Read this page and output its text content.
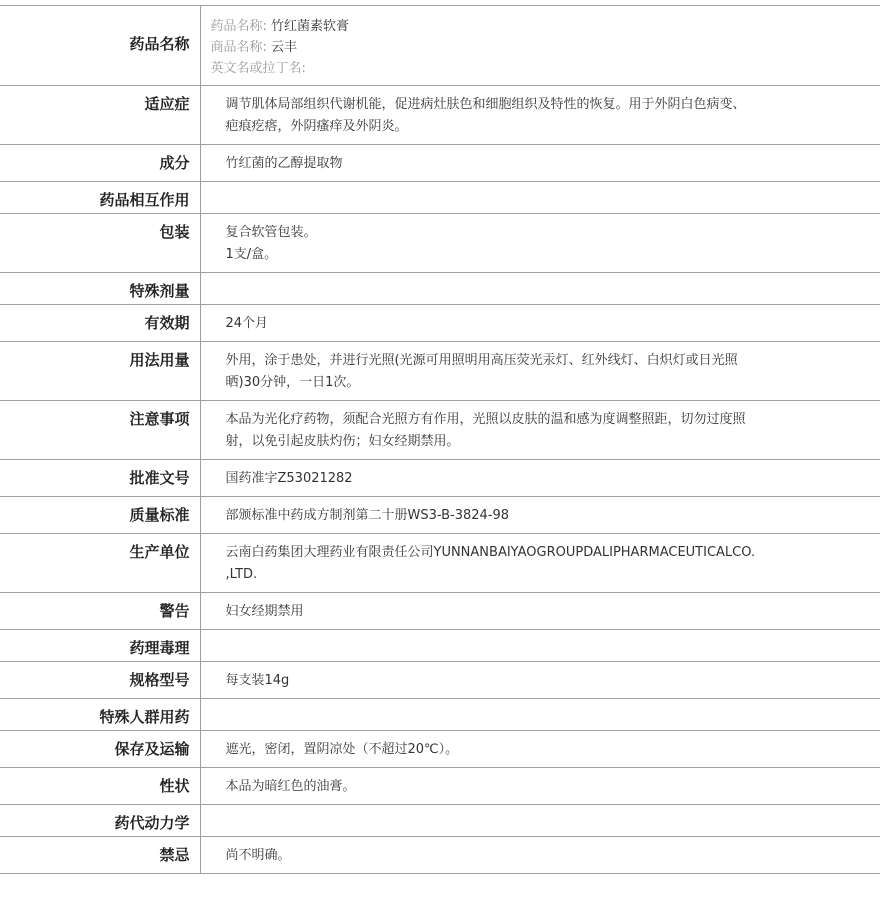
药品名称	药品名称: 竹红菌素软膏
商品名称: 云丰
英文名或拉丁名:

适应症	调节肌体局部组织代谢机能，促进病灶肤色和细胞组织及特性的恢复。用于外阴白色病变、
疤痕疙瘩，外阴瘙痒及外阴炎。

成分	竹红菌的乙醇提取物

药品相互作用	

包装	复合软管包装。
1支/盒。

特殊剂量	

有效期	24个月

用法用量	外用，涂于患处，并进行光照(光源可用照明用高压荧光汞灯、红外线灯、白炽灯或日光照
晒)30分钟，一日1次。

注意事项	本品为光化疗药物，须配合光照方有作用，光照以皮肤的温和感为度调整照距，切勿过度照
射，以免引起皮肤灼伤；妇女经期禁用。

批准文号	国药准字Z53021282

质量标准	部颁标准中药成方制剂第二十册WS3-B-3824-98

生产单位	云南白药集团大理药业有限责任公司YUNNANBAIYAOGROUPDALIPHARMACEUTICALCO.
,LTD.

警告	妇女经期禁用

药理毒理	

规格型号	每支装14g

特殊人群用药	

保存及运输	遮光，密闭，置阴凉处（不超过20℃）。

性状	本品为暗红色的油膏。

药代动力学	

禁忌	尚不明确。
